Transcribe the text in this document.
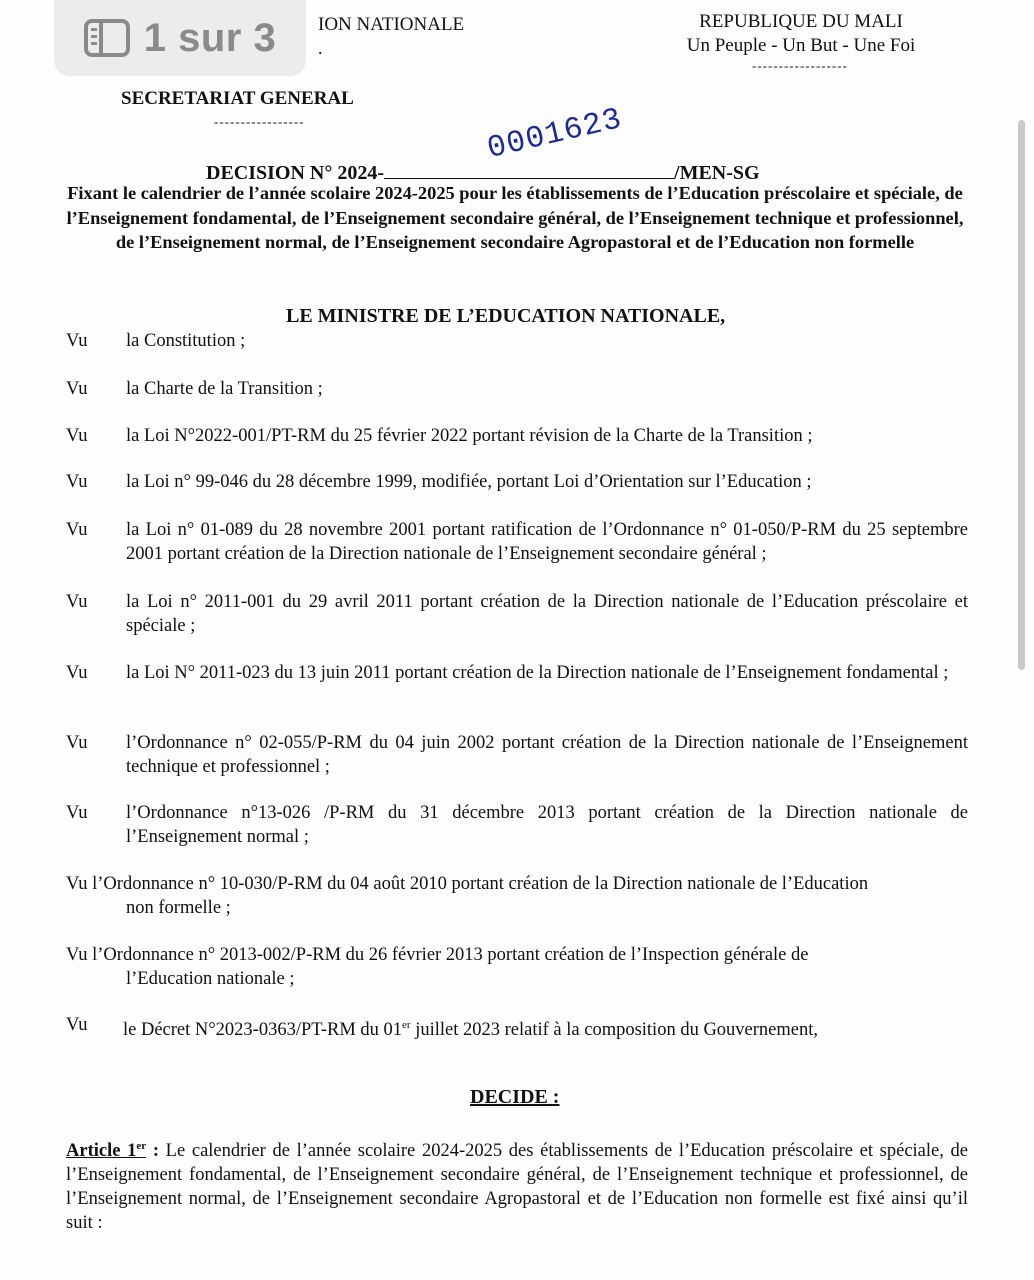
1 sur 3 ION NATIONALE
.
REPUBLIQUE DU MALI
Un Peuple - Un But - Une Foi
------------------
SECRETARIAT GENERAL
-----------------	0001623
DECISION N° 2024-	/MEN-SG
Fixant le calendrier de l’année scolaire 2024-2025 pour les établissements de l’Education préscolaire et spéciale, de l’Enseignement fondamental, de l’Enseignement secondaire général, de l’Enseignement technique et professionnel, de l’Enseignement normal, de l’Enseignement secondaire Agropastoral et de l’Education non formelle
LE MINISTRE DE L’EDUCATION NATIONALE,
Vu la Constitution ;
Vu la Charte de la Transition ;
Vu la Loi N°2022-001/PT-RM du 25 février 2022 portant révision de la Charte de la Transition ;
Vu la Loi n° 99-046 du 28 décembre 1999, modifiée, portant Loi d’Orientation sur l’Education ;
Vu la Loi n° 01-089 du 28 novembre 2001 portant ratification de l’Ordonnance n° 01-050/P-RM du 25 septembre 2001 portant création de la Direction nationale de l’Enseignement secondaire général ;
Vu la Loi n° 2011-001 du 29 avril 2011 portant création de la Direction nationale de l’Education préscolaire et spéciale ;
Vu la Loi N° 2011-023 du 13 juin 2011 portant création de la Direction nationale de l’Enseignement fondamental ;
Vu l’Ordonnance n° 02-055/P-RM du 04 juin 2002 portant création de la Direction nationale de l’Enseignement technique et professionnel ;
Vu l’Ordonnance n°13-026 /P-RM du 31 décembre 2013 portant création de la Direction nationale de l’Enseignement normal ;
Vu l’Ordonnance n° 10-030/P-RM du 04 août 2010 portant création de la Direction nationale de l’Education
non formelle ;
Vu l’Ordonnance n° 2013-002/P-RM du 26 février 2013 portant création de l’Inspection générale de
l’Education nationale ;
Vu le Décret N°2023-0363/PT-RM du 01er juillet 2023 relatif à la composition du Gouvernement,
DECIDE :
Article 1er : Le calendrier de l’année scolaire 2024-2025 des établissements de l’Education préscolaire et spéciale, de l’Enseignement fondamental, de l’Enseignement secondaire général, de l’Enseignement technique et professionnel, de l’Enseignement normal, de l’Enseignement secondaire Agropastoral et de l’Education non formelle est fixé ainsi qu’il suit :
